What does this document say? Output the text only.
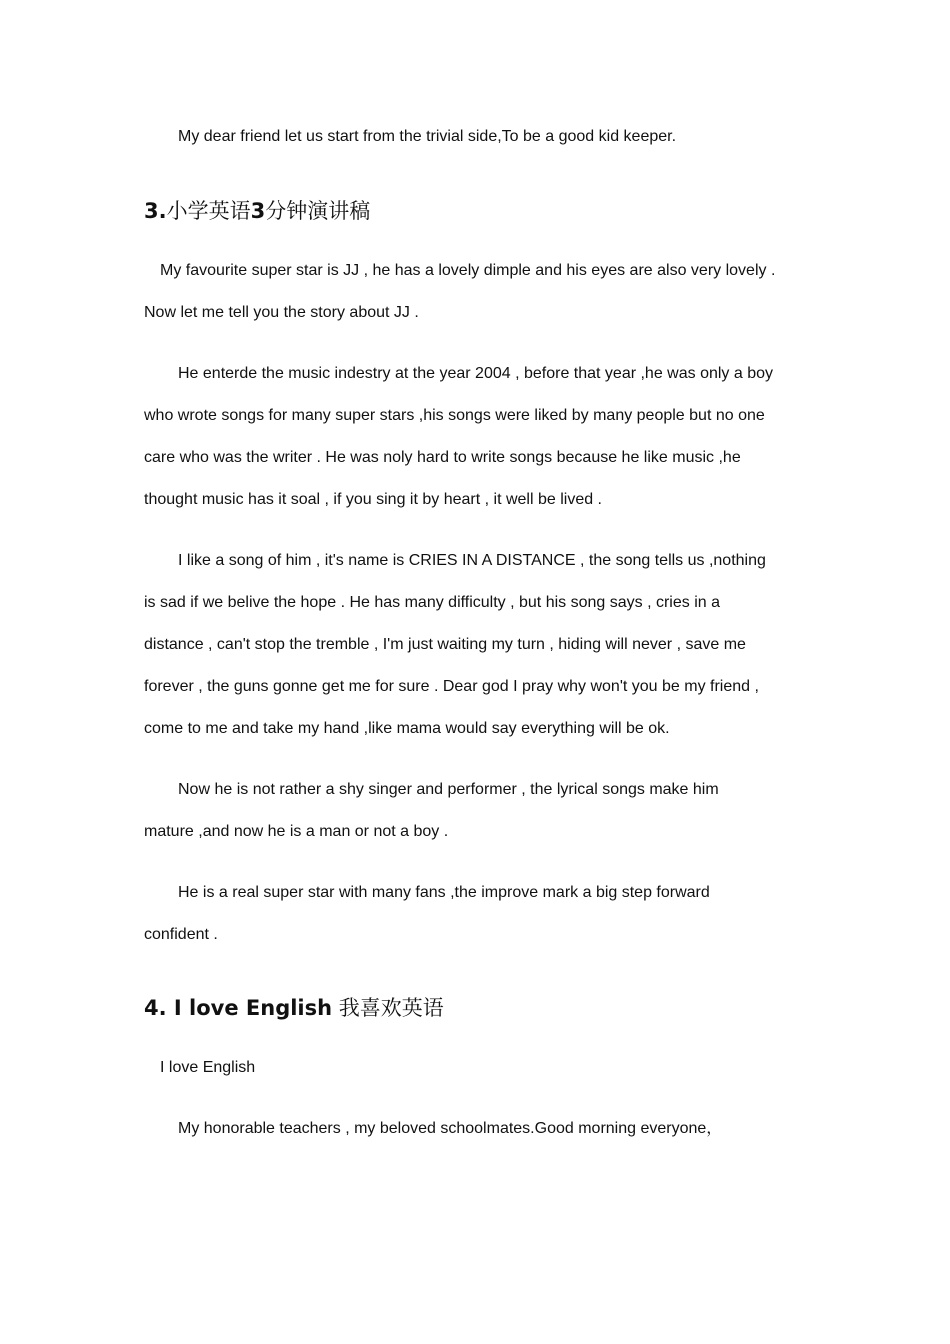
My dear friend let us start from the trivial side,To be a good kid keeper.

3.小学英语3分钟演讲稿

My favourite super star is JJ , he has a lovely dimple and his eyes are also very lovely .

Now let me tell you the story about JJ .

He enterde the music indestry at the year 2004 , before that year ,he was only a boy

who wrote songs for many super stars ,his songs were liked by many people but no one

care who was the writer . He was noly hard to write songs because he like music ,he

thought music has it soal , if you sing it by heart , it well be lived .

I like a song of him , it's name is CRIES IN A DISTANCE , the song tells us ,nothing

is sad if we belive the hope . He has many difficulty , but his song says , cries in a

distance , can't stop the tremble , I'm just waiting my turn , hiding will never , save me

forever , the guns gonne get me for sure . Dear god I pray why won't you be my friend ,

come to me and take my hand ,like mama would say everything will be ok.

Now he is not rather a shy singer and performer , the lyrical songs make him

mature ,and now he is a man or not a boy .

He is a real super star with many fans ,the improve mark a big step forward

confident .

4. I love English 我喜欢英语

I love English

My honorable teachers , my beloved schoolmates.Good morning everyone，
